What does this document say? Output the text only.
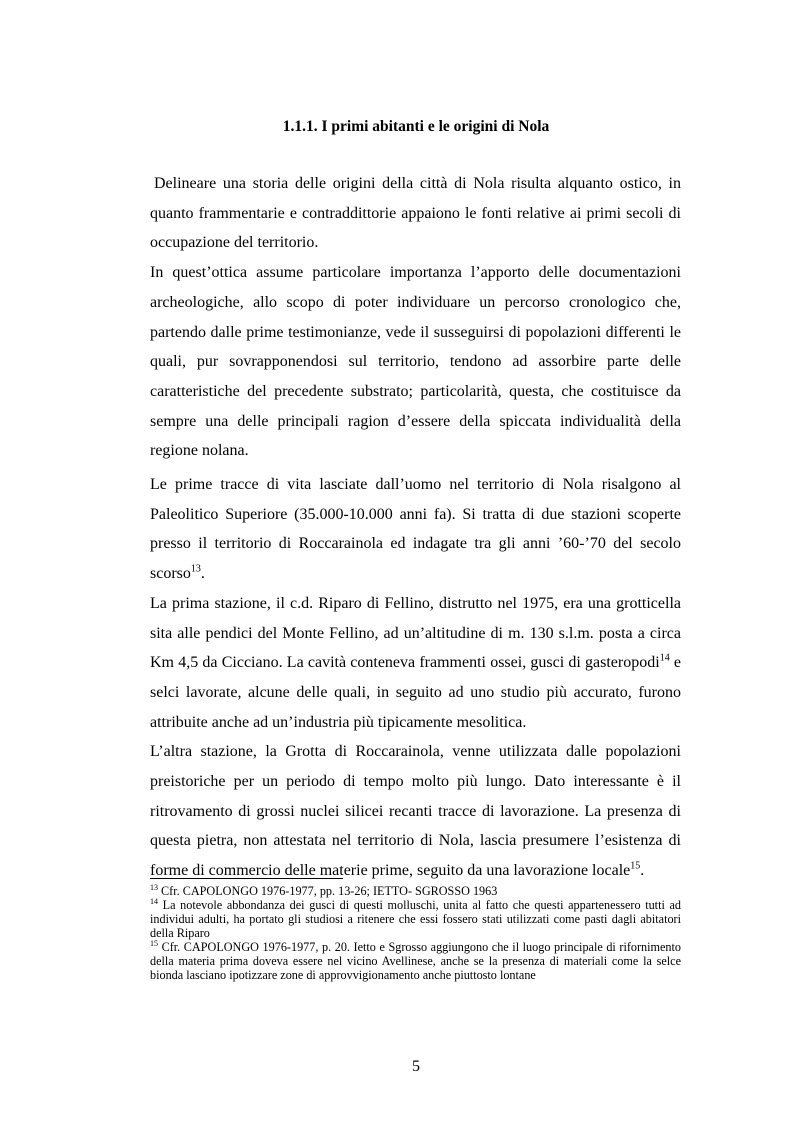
1.1.1. I primi abitanti e le origini di Nola

Delineare una storia delle origini della città di Nola risulta alquanto ostico, in quanto frammentarie e contraddittorie appaiono le fonti relative ai primi secoli di occupazione del territorio.

In quest’ottica assume particolare importanza l’apporto delle documentazioni archeologiche, allo scopo di poter individuare un percorso cronologico che, partendo dalle prime testimonianze, vede il susseguirsi di popolazioni differenti le quali, pur sovrapponendosi sul territorio, tendono ad assorbire parte delle caratteristiche del precedente substrato; particolarità, questa, che costituisce da sempre una delle principali ragion d’essere della spiccata individualità della regione nolana.

Le prime tracce di vita lasciate dall’uomo nel territorio di Nola risalgono al Paleolitico Superiore (35.000-10.000 anni fa). Si tratta di due stazioni scoperte presso il territorio di Roccarainola ed indagate tra gli anni ’60-’70 del secolo scorso$^{13}$.

La prima stazione, il c.d. Riparo di Fellino, distrutto nel 1975, era una grotticella sita alle pendici del Monte Fellino, ad un’altitudine di m. 130 s.l.m. posta a circa Km 4,5 da Cicciano. La cavità conteneva frammenti ossei, gusci di gasteropodi$^{14}$ e selci lavorate, alcune delle quali, in seguito ad uno studio più accurato, furono attribuite anche ad un’industria più tipicamente mesolitica.

L’altra stazione, la Grotta di Roccarainola, venne utilizzata dalle popolazioni preistoriche per un periodo di tempo molto più lungo. Dato interessante è il ritrovamento di grossi nuclei silicei recanti tracce di lavorazione. La presenza di questa pietra, non attestata nel territorio di Nola, lascia presumere l’esistenza di forme di commercio delle materie prime, seguito da una lavorazione locale$^{15}$.

$^{13}$ Cfr. CAPOLONGO 1976-1977, pp. 13-26; IETTO- SGROSSO 1963

$^{14}$ La notevole abbondanza dei gusci di questi molluschi, unita al fatto che questi appartenessero tutti ad individui adulti, ha portato gli studiosi a ritenere che essi fossero stati utilizzati come pasti dagli abitatori della Riparo

$^{15}$ Cfr. CAPOLONGO 1976-1977, p. 20. Ietto e Sgrosso aggiungono che il luogo principale di rifornimento della materia prima doveva essere nel vicino Avellinese, anche se la presenza di materiali come la selce bionda lasciano ipotizzare zone di approvvigionamento anche piuttosto lontane

5
